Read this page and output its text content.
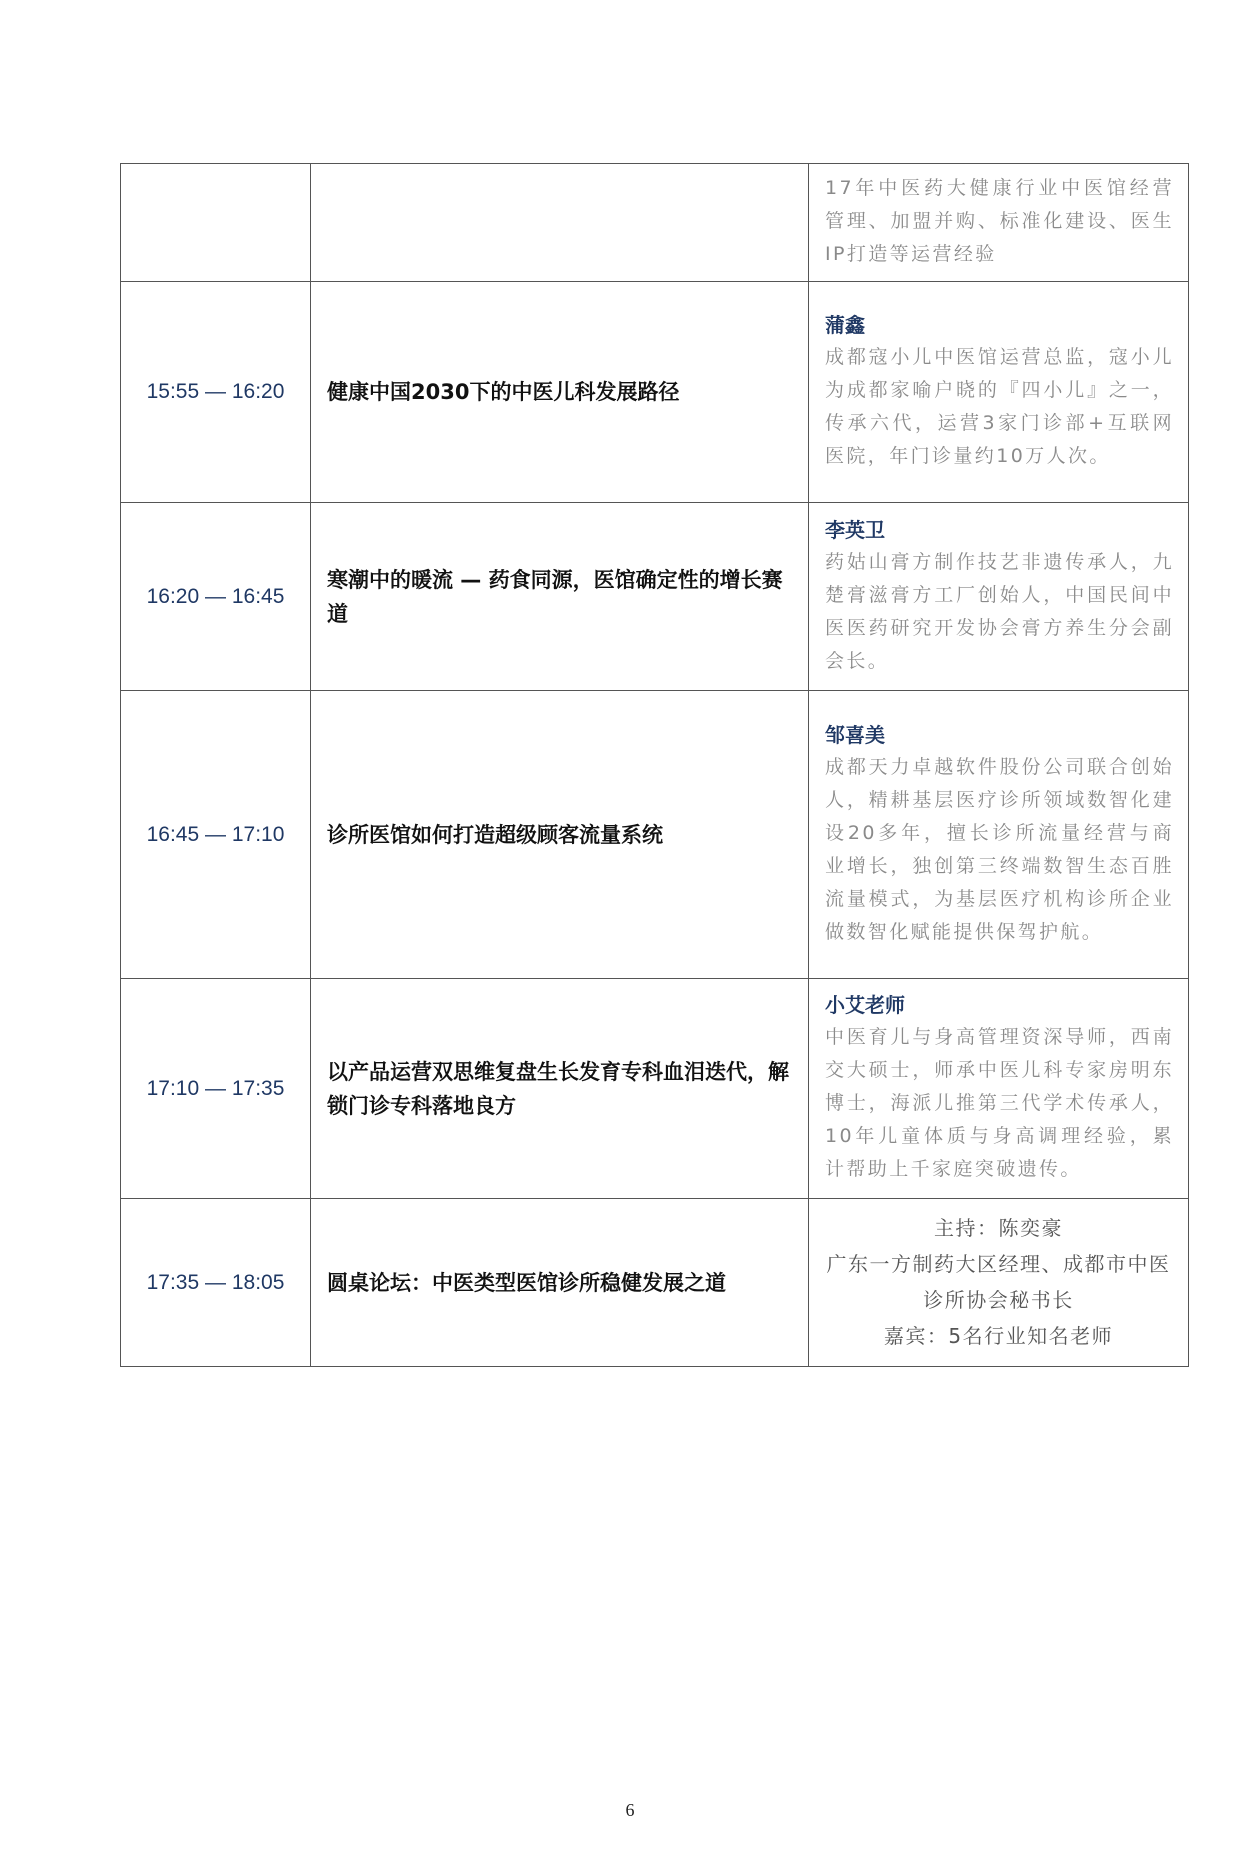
		17年中医药大健康行业中医馆经营管理、加盟并购、标准化建设、医生IP打造等运营经验

15:55 — 16:20	健康中国2030下的中医儿科发展路径	蒲鑫
成都寇小儿中医馆运营总监，寇小儿为成都家喻户晓的『四小儿』之一，传承六代，运营3家门诊部+互联网医院，年门诊量约10万人次。

16:20 — 16:45	寒潮中的暖流 — 药食同源，医馆确定性的增长赛道	李英卫
药姑山膏方制作技艺非遗传承人，九楚膏滋膏方工厂创始人，中国民间中医医药研究开发协会膏方养生分会副会长。

16:45 — 17:10	诊所医馆如何打造超级顾客流量系统	邹喜美
成都天力卓越软件股份公司联合创始人，精耕基层医疗诊所领域数智化建设20多年，擅长诊所流量经营与商业增长，独创第三终端数智生态百胜流量模式，为基层医疗机构诊所企业做数智化赋能提供保驾护航。

17:10 — 17:35	以产品运营双思维复盘生长发育专科血泪迭代，解锁门诊专科落地良方	小艾老师
中医育儿与身高管理资深导师，西南交大硕士，师承中医儿科专家房明东博士，海派儿推第三代学术传承人，10年儿童体质与身高调理经验，累计帮助上千家庭突破遗传。

17:35 — 18:05	圆桌论坛：中医类型医馆诊所稳健发展之道	主持：陈奕豪
广东一方制药大区经理、成都市中医诊所协会秘书长
嘉宾：5名行业知名老师
6
